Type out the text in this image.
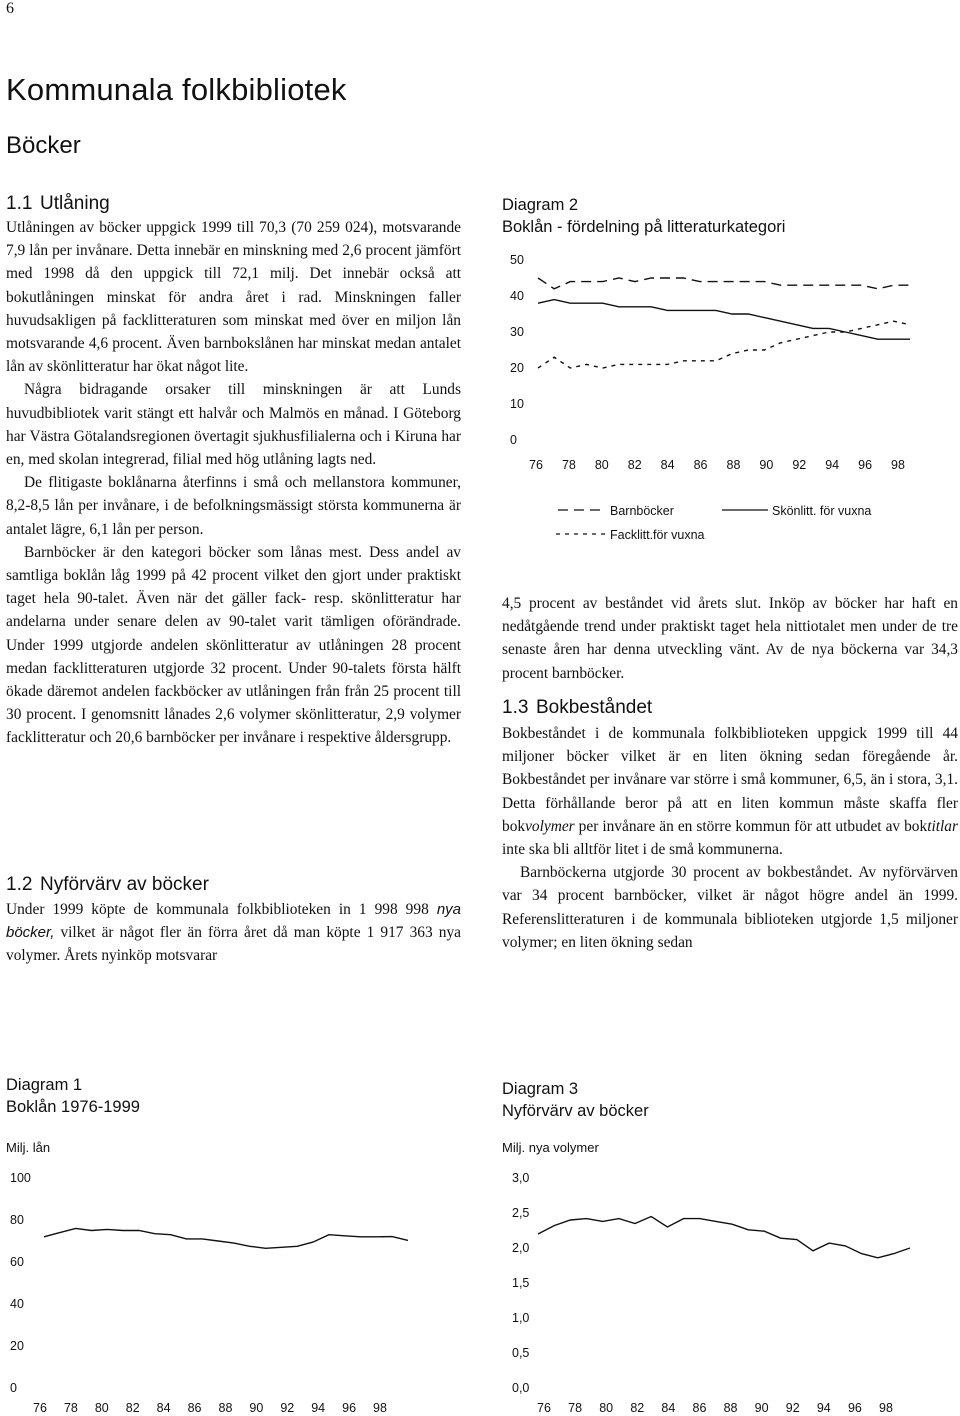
6
Kommunala folkbibliotek
Böcker
1.1 Utlåning

Utlåningen av böcker uppgick 1999 till 70,3 (70 259 024), motsvarande 7,9 lån per invånare. Detta innebär en minskning med 2,6 procent jämfört med 1998 då den uppgick till 72,1 milj. Det innebär också att bokutlåningen minskat för andra året i rad. Minskningen faller huvudsakligen på facklitteraturen som minskat med över en miljon lån motsvarande 4,6 procent. Även barnbokslånen har minskat medan antalet lån av skönlitteratur har ökat något lite.

Några bidragande orsaker till minskningen är att Lunds huvudbibliotek varit stängt ett halvår och Malmös en månad. I Göteborg har Västra Götalandsregionen övertagit sjukhusfilialerna och i Kiruna har en, med skolan integrerad, filial med hög utlåning lagts ned.

De flitigaste boklånarna återfinns i små och mellanstora kommuner, 8,2-8,5 lån per invånare, i de befolkningsmässigt största kommunerna är antalet lägre, 6,1 lån per person.

Barnböcker är den kategori böcker som lånas mest. Dess andel av samtliga boklån låg 1999 på 42 procent vilket den gjort under praktiskt taget hela 90-talet. Även när det gäller fack- resp. skönlitteratur har andelarna under senare delen av 90-talet varit tämligen oförändrade. Under 1999 utgjorde andelen skönlitteratur av utlåningen 28 procent medan facklitteraturen utgjorde 32 procent. Under 90-talets första hälft ökade däremot andelen fackböcker av utlåningen från från 25 procent till 30 procent. I genomsnitt lånades 2,6 volymer skönlitteratur, 2,9 volymer facklitteratur och 20,6 barnböcker per invånare i respektive åldersgrupp.

1.2 Nyförvärv av böcker

Under 1999 köpte de kommunala folkbiblioteken in 1 998 998 nya böcker, vilket är något fler än förra året då man köpte 1 917 363 nya volymer. Årets nyinköp motsvarar

Diagram 2
Boklån - fördelning på litteraturkategori
0
10
20
30
40
50
76 78 80 82 84 86 88 90 92 94 96 98
Barnböcker	Skönlitt. för vuxna
Facklitt.för vuxna

4,5 procent av beståndet vid årets slut. Inköp av böcker har haft en nedåtgående trend under praktiskt taget hela nittiotalet men under de tre senaste åren har denna utveckling vänt. Av de nya böckerna var 34,3 procent barnböcker.

1.3 Bokbeståndet

Bokbeståndet i de kommunala folkbiblioteken uppgick 1999 till 44 miljoner böcker vilket är en liten ökning sedan föregående år. Bokbeståndet per invånare var större i små kommuner, 6,5, än i stora, 3,1. Detta förhållande beror på att en liten kommun måste skaffa fler bokvolymer per invånare än en större kommun för att utbudet av boktitlar inte ska bli alltför litet i de små kommunerna.

Barnböckerna utgjorde 30 procent av bokbeståndet. Av nyförvärven var 34 procent barnböcker, vilket är något högre andel än 1999. Referenslitteraturen i de kommunala biblioteken utgjorde 1,5 miljoner volymer; en liten ökning sedan

Diagram 1
Boklån 1976-1999
Milj. lån
0
20
40
60
80
100
76 78 80 82 84 86 88 90 92 94 96 98
Diagram 3
Nyförvärv av böcker
Milj. nya volymer
0,0
0,5
1,0
1,5
2,0
2,5
3,0
76 78 80 82 84 86 88 90 92 94 96 98
